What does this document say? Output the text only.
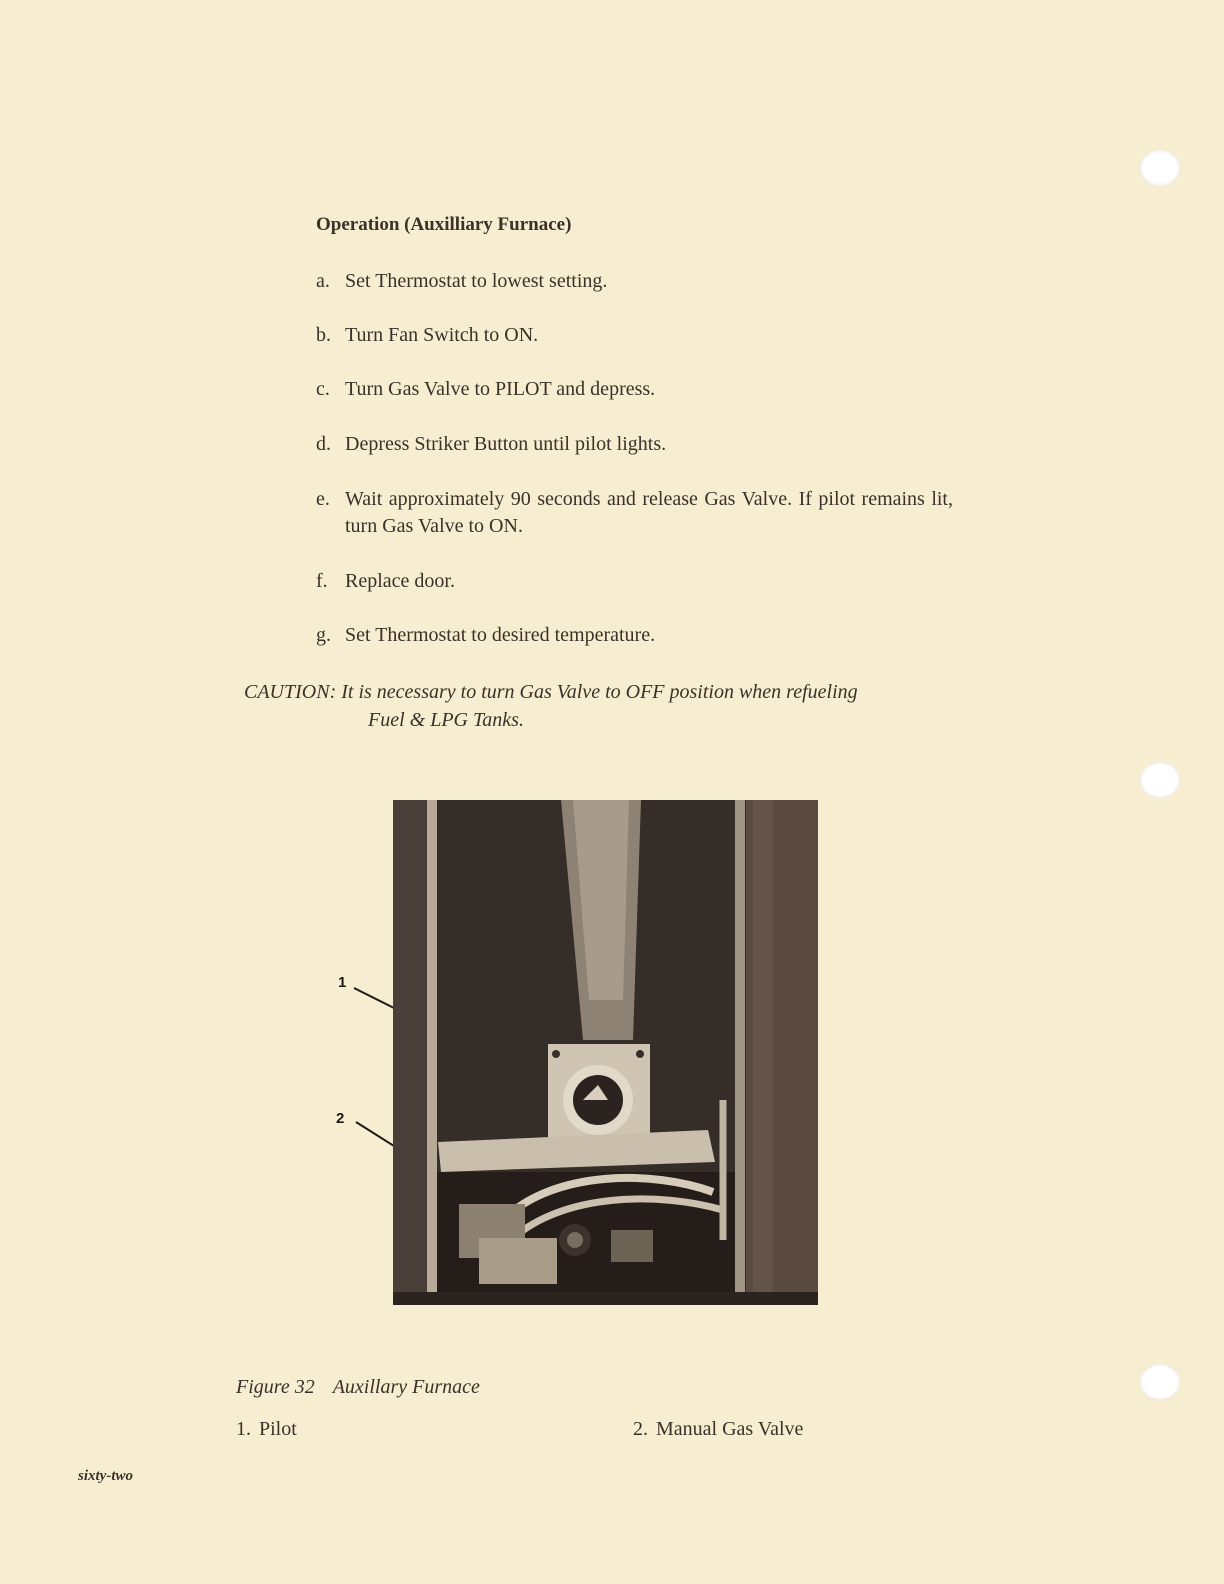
Operation (Auxilliary Furnace)
a. Set Thermostat to lowest setting.
b. Turn Fan Switch to ON.
c. Turn Gas Valve to PILOT and depress.
d. Depress Striker Button until pilot lights.
e. Wait approximately 90 seconds and release Gas Valve. If pilot remains lit, turn Gas Valve to ON.
f. Replace door.
g. Set Thermostat to desired temperature.
CAUTION: It is necessary to turn Gas Valve to OFF position when refueling
Fuel & LPG Tanks.
1
2
Figure 32 Auxillary Furnace
1. Pilot	2. Manual Gas Valve
sixty-two
